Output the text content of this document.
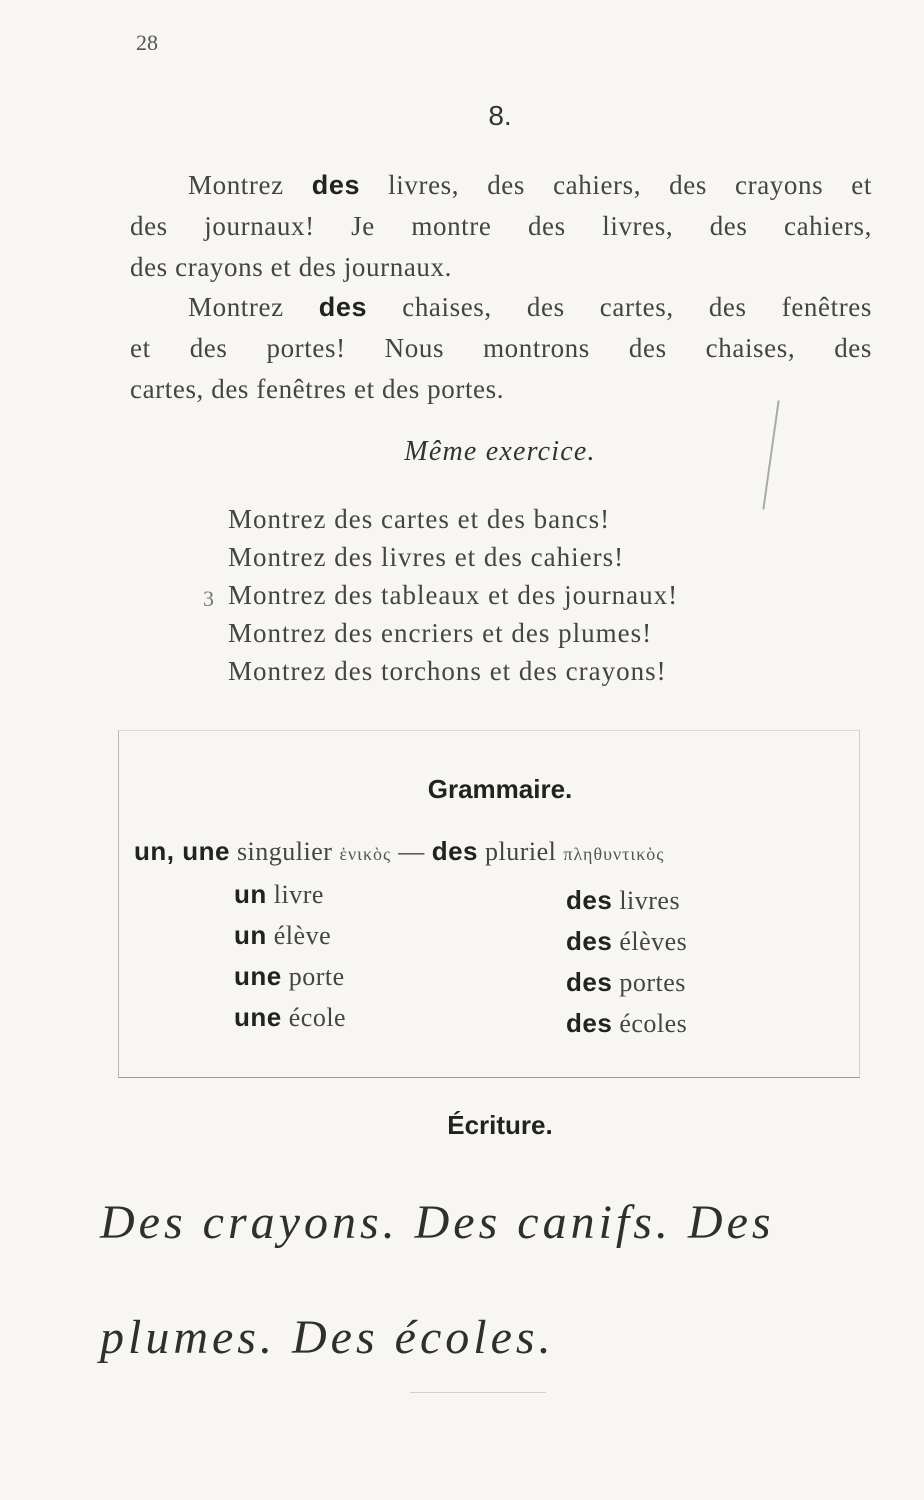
28
8.
Montrez des livres, des cahiers, des crayons et
des journaux! Je montre des livres, des cahiers,
des crayons et des journaux.
Montrez des chaises, des cartes, des fenêtres
et des portes! Nous montrons des chaises, des
cartes, des fenêtres et des portes.
Même exercice.
3
Montrez des cartes et des bancs!
Montrez des livres et des cahiers!
Montrez des tableaux et des journaux!
Montrez des encriers et des plumes!
Montrez des torchons et des crayons!
Grammaire.
un, une singulier ἑνικὸς — des pluriel πληθυντικὸς
un livre
un élève
une porte
une école
des livres
des élèves
des portes
des écoles
Écriture.
Des crayons. Des canifs. Des
plumes. Des écoles.
